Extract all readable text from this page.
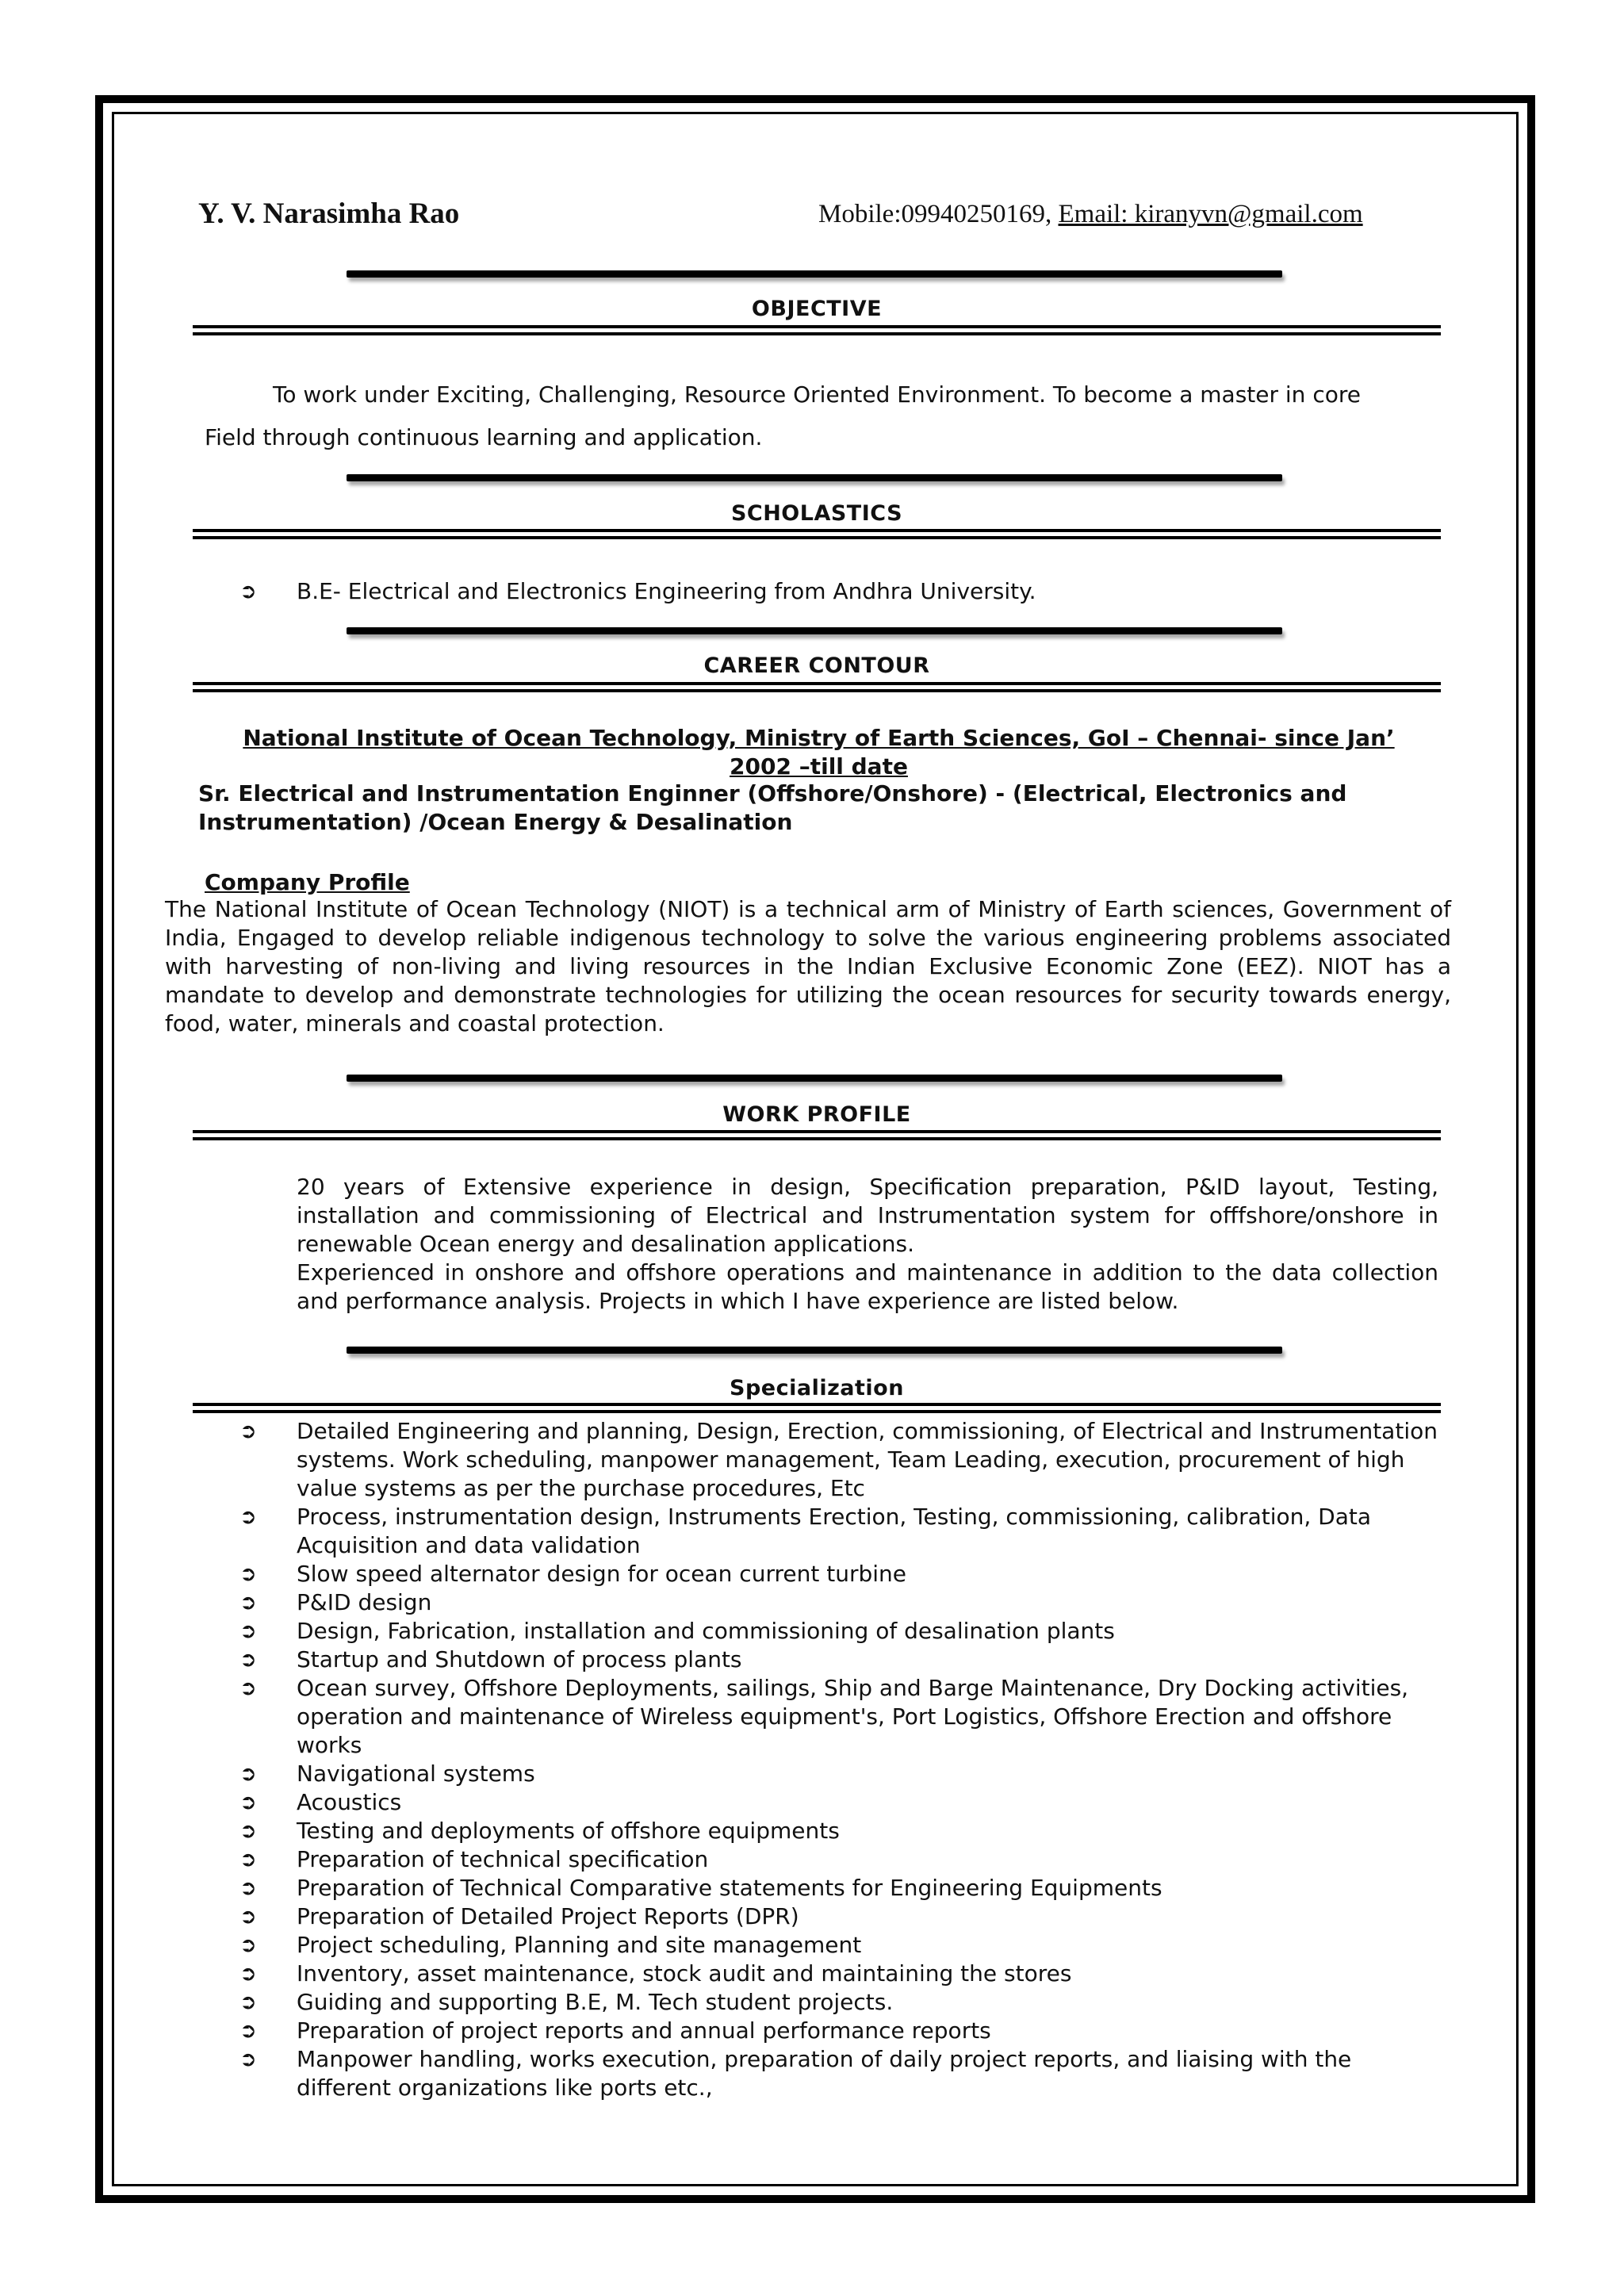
Y. V. Narasimha Rao	Mobile:09940250169, Email: kiranyvn@gmail.com
OBJECTIVE
To work under Exciting, Challenging, Resource Oriented Environment. To become a master in core
Field through continuous learning and application.
SCHOLASTICS
➲ B.E- Electrical and Electronics Engineering from Andhra University.
CAREER CONTOUR
National Institute of Ocean Technology, Ministry of Earth Sciences, GoI – Chennai- since Jan’
2002 –till date
Sr. Electrical and Instrumentation Enginner (Offshore/Onshore) - (Electrical, Electronics and Instrumentation) /Ocean Energy & Desalination
Company Profile
The National Institute of Ocean Technology (NIOT) is a technical arm of Ministry of Earth sciences, Government of India, Engaged to develop reliable indigenous technology to solve the various engineering problems associated with harvesting of non-living and living resources in the Indian Exclusive Economic Zone (EEZ). NIOT has a mandate to develop and demonstrate technologies for utilizing the ocean resources for security towards energy, food, water, minerals and coastal protection.
WORK PROFILE
20 years of Extensive experience in design, Specification preparation, P&ID layout, Testing, installation and commissioning of Electrical and Instrumentation system for offfshore/onshore in renewable Ocean energy and desalination applications.
Experienced in onshore and offshore operations and maintenance in addition to the data collection and performance analysis. Projects in which I have experience are listed below.
Specialization
➲ Detailed Engineering and planning, Design, Erection, commissioning, of Electrical and Instrumentation systems. Work scheduling, manpower management, Team Leading, execution, procurement of high value systems as per the purchase procedures, Etc
➲ Process, instrumentation design, Instruments Erection, Testing, commissioning, calibration, Data Acquisition and data validation
➲ Slow speed alternator design for ocean current turbine
➲ P&ID design
➲ Design, Fabrication, installation and commissioning of desalination plants
➲ Startup and Shutdown of process plants
➲ Ocean survey, Offshore Deployments, sailings, Ship and Barge Maintenance, Dry Docking activities, operation and maintenance of Wireless equipment's, Port Logistics, Offshore Erection and offshore works
➲ Navigational systems
➲ Acoustics
➲ Testing and deployments of offshore equipments
➲ Preparation of technical specification
➲ Preparation of Technical Comparative statements for Engineering Equipments
➲ Preparation of Detailed Project Reports (DPR)
➲ Project scheduling, Planning and site management
➲ Inventory, asset maintenance, stock audit and maintaining the stores
➲ Guiding and supporting B.E, M. Tech student projects.
➲ Preparation of project reports and annual performance reports
➲ Manpower handling, works execution, preparation of daily project reports, and liaising with the different organizations like ports etc.,
